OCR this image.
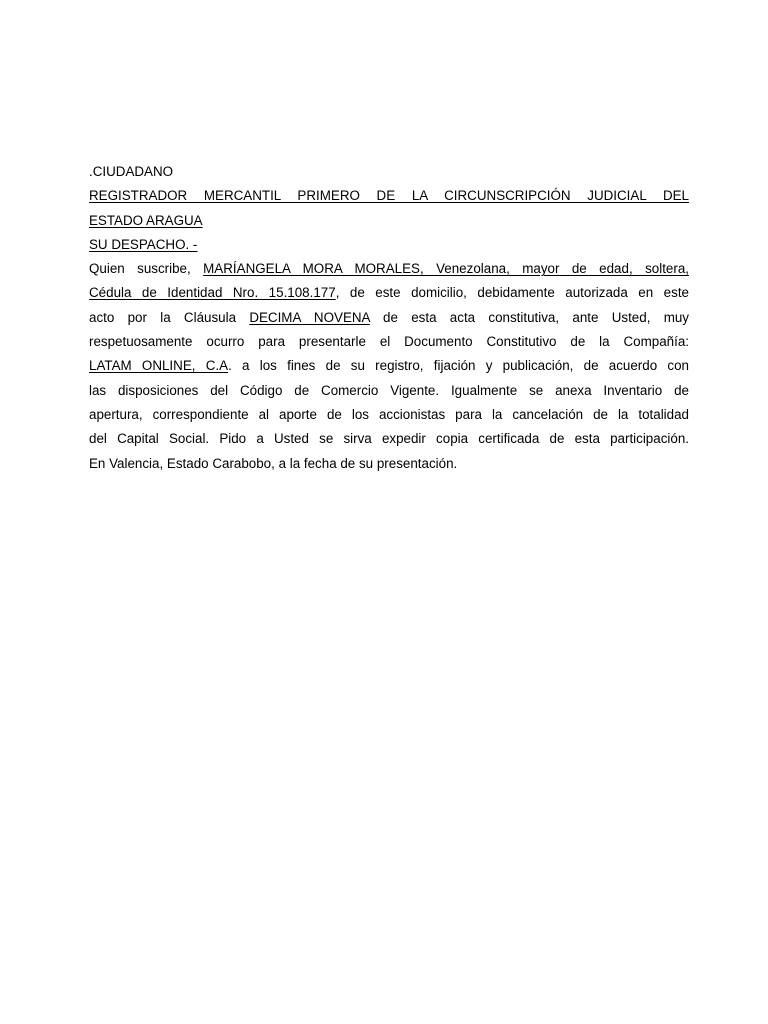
.CIUDADANO
REGISTRADOR MERCANTIL PRIMERO DE LA CIRCUNSCRIPCIÓN JUDICIAL DEL
ESTADO ARAGUA
SU DESPACHO. -
Quien suscribe, MARÍANGELA MORA MORALES, Venezolana, mayor de edad, soltera,
Cédula de Identidad Nro. 15.108.177, de este domicilio, debidamente autorizada en este
acto por la Cláusula DECIMA NOVENA de esta acta constitutiva, ante Usted, muy
respetuosamente ocurro para presentarle el Documento Constitutivo de la Compañía:
LATAM ONLINE, C.A. a los fines de su registro, fijación y publicación, de acuerdo con
las disposiciones del Código de Comercio Vigente. Igualmente se anexa Inventario de
apertura, correspondiente al aporte de los accionistas para la cancelación de la totalidad
del Capital Social. Pido a Usted se sirva expedir copia certificada de esta participación.
En Valencia, Estado Carabobo, a la fecha de su presentación.
